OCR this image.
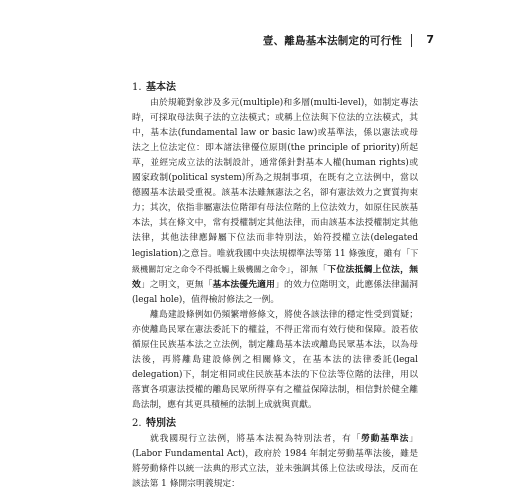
壹、離島基本法制定的可行性 7
1. 基本法

由於規範對象涉及多元(multiple)和多層(multi-level)，如制定專法時，可採取母法與子法的立法模式；或稱上位法與下位法的立法模式，其中，基本法(fundamental law or basic law)或基準法，係以憲法或母法之上位法定位：即本諸法律優位原則(the principle of priority)所起草，並經完成立法的法制設計，通常係針對基本人權(human rights)或國家政制(political system)所為之規制事項，在既有之立法例中，當以德國基本法最受重視。該基本法雖無憲法之名，卻有憲法效力之實質拘束力；其次，依指非屬憲法位階卻有母法位階的上位法效力，如原住民族基本法，其在條文中，常有授權制定其他法律，而由該基本法授權制定其他法律，其他法律應歸屬下位法而非特別法，始符授權立法(delegated legislation)之意旨。唯就我國中央法規標準法等第 11 條強度，雖有「下級機關訂定之命令不得抵觸上級機關之命令」，卻無「下位法抵觸上位法，無效」之明文，更無「基本法優先適用」的效力位階明文，此應係法律漏洞(legal hole)，值得檢討修法之一例。

離島建設條例如仍頻繁增修條文，將使各該法律的穩定性受到質疑；亦使離島民眾在憲法委託下的權益，不得正常而有效行使和保障。設若依循原住民族基本法之立法例，制定離島基本法或離島民眾基本法，以為母法後，再將離島建設條例之相關條文，在基本法的法律委託(legal delegation)下，制定相同或住民族基本法的下位法等位階的法律，用以落實各項憲法授權的離島民眾所得享有之權益保障法制，相信對於健全離島法制，應有其更具積極的法制上成就與貢獻。

2. 特別法

就我國現行立法例，將基本法視為特別法者，有「勞動基準法」(Labor Fundamental Act)，政府於 1984 年制定勞動基準法後，雖是將勞動條件以統一法典的形式立法，並未強調其係上位法或母法，反而在該法第 1 條開宗明義規定：
